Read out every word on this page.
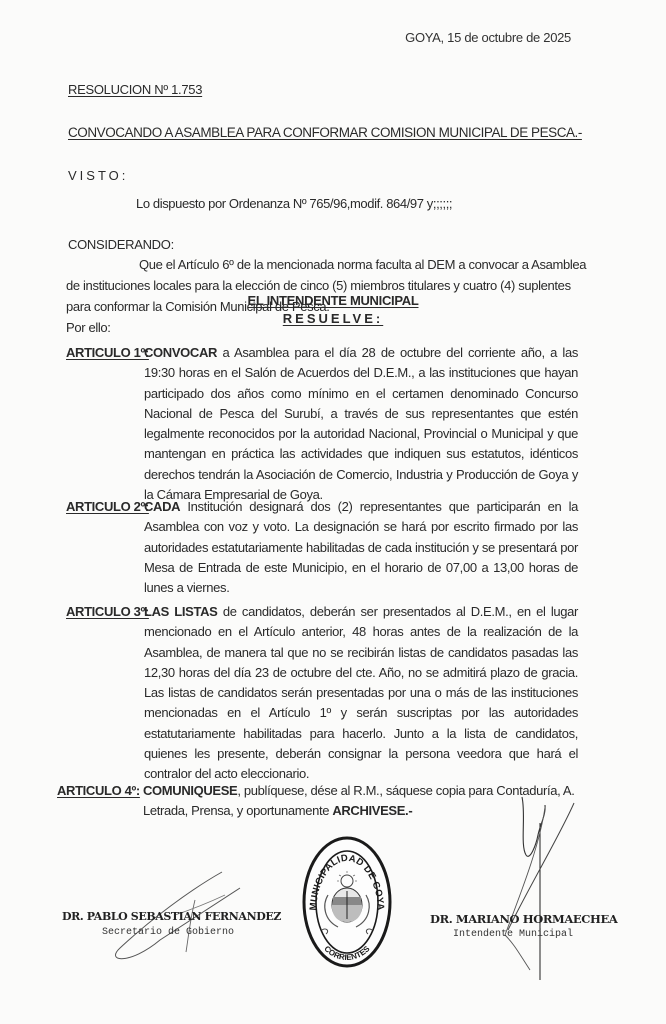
GOYA, 15 de octubre de 2025
RESOLUCION Nº 1.753
CONVOCANDO A ASAMBLEA PARA CONFORMAR COMISION MUNICIPAL DE PESCA.-
VISTO:
Lo dispuesto por Ordenanza Nº 765/96,modif. 864/97 y;;;;;;
CONSIDERANDO:
Que el Artículo 6º de la mencionada norma faculta al DEM a convocar a Asamblea de instituciones locales para la elección de cinco (5) miembros titulares y cuatro (4) suplentes para conformar la Comisión Municipal de Pesca.
Por ello:
EL INTENDENTE MUNICIPAL
RESUELVE:
ARTICULO 1º:
CONVOCAR a Asamblea para el día 28 de octubre del corriente año, a las 19:30 horas en el Salón de Acuerdos del D.E.M., a las instituciones que hayan participado dos años como mínimo en el certamen denominado Concurso Nacional de Pesca del Surubí, a través de sus representantes que estén legalmente reconocidos por la autoridad Nacional, Provincial o Municipal y que mantengan en práctica las actividades que indiquen sus estatutos, idénticos derechos tendrán la Asociación de Comercio, Industria y Producción de Goya y la Cámara Empresarial de Goya.
ARTICULO 2º:
CADA Institución designará dos (2) representantes que participarán en la Asamblea con voz y voto. La designación se hará por escrito firmado por las autoridades estatutariamente habilitadas de cada institución y se presentará por Mesa de Entrada de este Municipio, en el horario de 07,00 a 13,00 horas de lunes a viernes.
ARTICULO 3º:
LAS LISTAS de candidatos, deberán ser presentados al D.E.M., en el lugar mencionado en el Artículo anterior, 48 horas antes de la realización de la Asamblea, de manera tal que no se recibirán listas de candidatos pasadas las 12,30 horas del día 23 de octubre del cte. Año, no se admitirá plazo de gracia. Las listas de candidatos serán presentadas por una o más de las instituciones mencionadas en el Artículo 1º y serán suscriptas por las autoridades estatutariamente habilitadas para hacerlo. Junto a la lista de candidatos, quienes les presente, deberán consignar la persona veedora que hará el contralor del acto eleccionario.
ARTICULO 4º: COMUNIQUESE, publíquese, dése al R.M., sáquese copia para Contaduría, A. Letrada, Prensa, y oportunamente ARCHIVESE.-
DR. PABLO SEBASTIAN FERNANDEZ
Secretario de Gobierno
MUNICIPALIDAD DE GOYA
CORRIENTES
DR. MARIANO HORMAECHEA
Intendente Municipal
